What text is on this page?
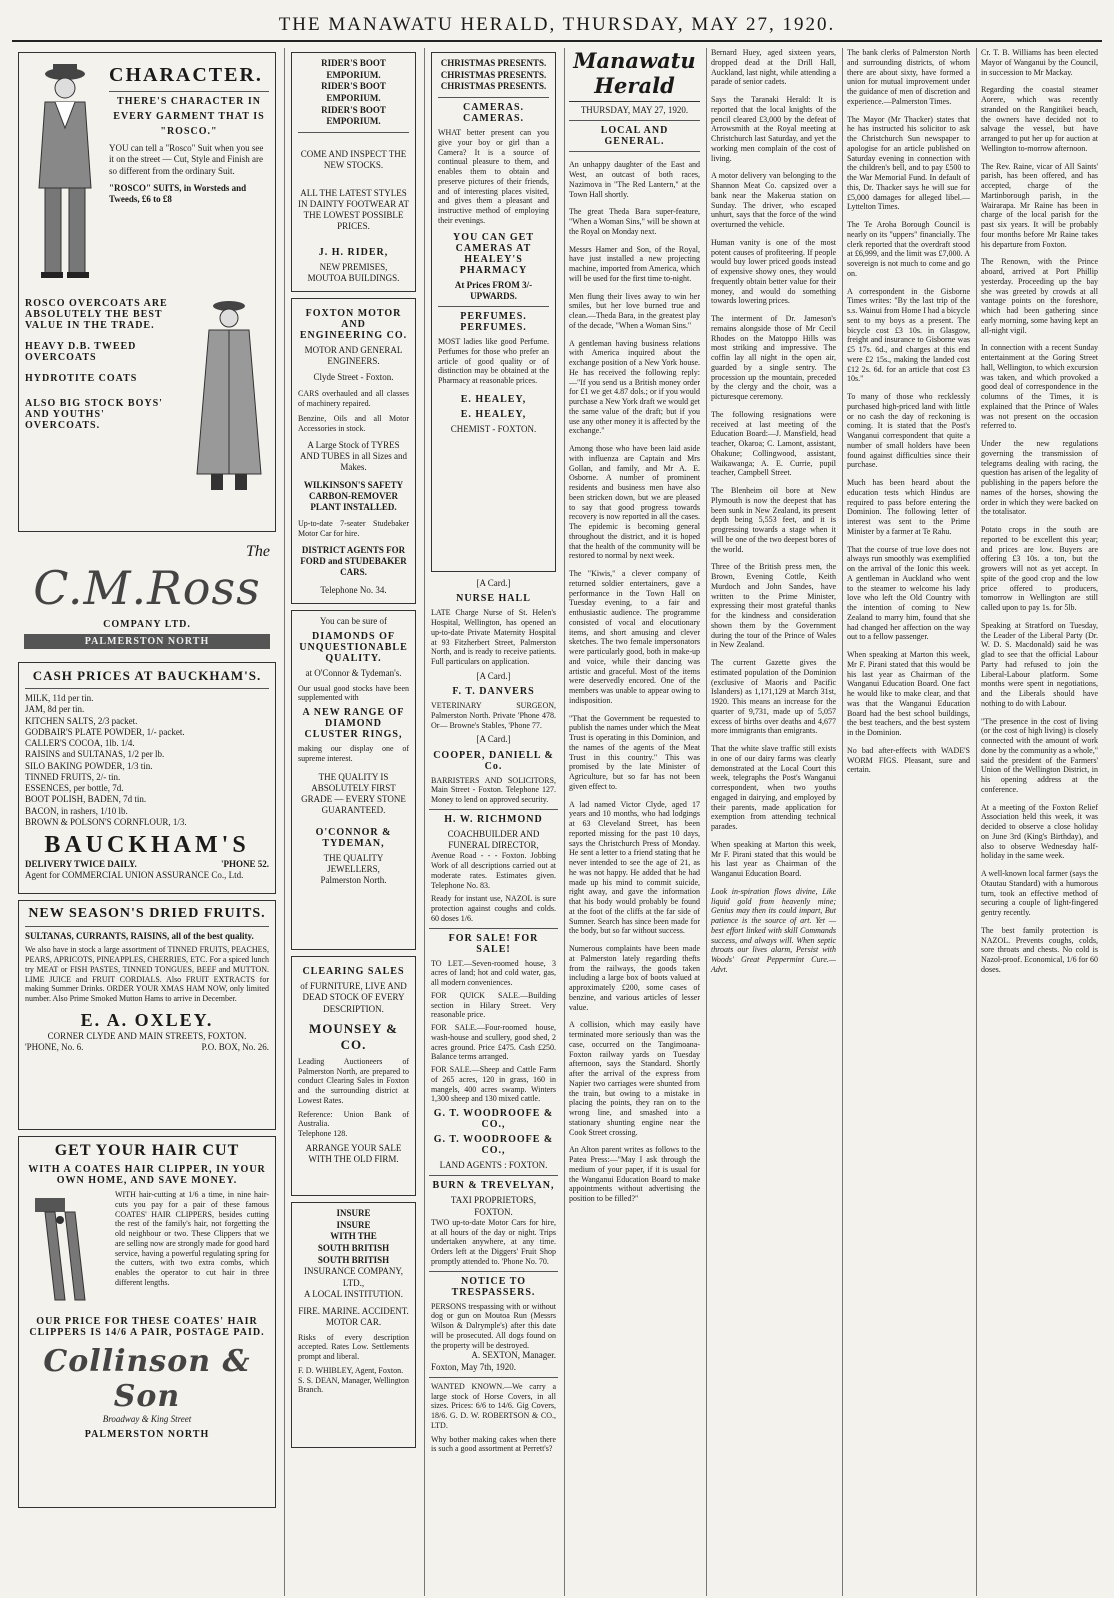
THE MANAWATU HERALD, THURSDAY, MAY 27, 1920.
CHARACTER.
THERE'S CHARACTER IN
EVERY GARMENT THAT IS
"ROSCO."
YOU can tell a "Rosco" Suit when you see it on the street — Cut, Style and Finish are so different from the ordinary Suit.
"ROSCO" SUITS, in Worsteds and Tweeds, £6 to £8
ROSCO OVERCOATS ARE ABSOLUTELY THE BEST VALUE IN THE TRADE.
HEAVY D.B. TWEED OVERCOATS
HYDROTITE COATS
ALSO BIG STOCK BOYS' AND YOUTHS' OVERCOATS.
The
C.M.Ross
COMPANY LTD.
PALMERSTON NORTH
CASH PRICES AT BAUCKHAM'S.
MILK, 11d per tin.
JAM, 8d per tin.
KITCHEN SALTS, 2/3 packet.
GODBAIR'S PLATE POWDER, 1/- packet.
CALLER'S COCOA, 1lb. 1/4.
RAISINS and SULTANAS, 1/2 per lb.
SILO BAKING POWDER, 1/3 tin.
TINNED FRUITS, 2/- tin.
ESSENCES, per bottle, 7d.
BOOT POLISH, BADEN, 7d tin.
BACON, in rashers, 1/10 lb.
BROWN & POLSON'S CORNFLOUR, 1/3.
BAUCKHAM'S
DELIVERY TWICE DAILY.	'PHONE 52.
Agent for COMMERCIAL UNION ASSURANCE Co., Ltd.
NEW SEASON'S DRIED FRUITS.
SULTANAS, CURRANTS, RAISINS, all of the best quality.
We also have in stock a large assortment of TINNED FRUITS, PEACHES, PEARS, APRICOTS, PINEAPPLES, CHERRIES, ETC. For a spiced lunch try MEAT or FISH PASTES, TINNED TONGUES, BEEF and MUTTON. LIME JUICE and FRUIT CORDIALS. Also FRUIT EXTRACTS for making Summer Drinks. ORDER YOUR XMAS HAM NOW, only limited number. Also Prime Smoked Mutton Hams to arrive in December.
E. A. OXLEY.
CORNER CLYDE AND MAIN STREETS, FOXTON.
'PHONE, No. 6.	P.O. BOX, No. 26.
GET YOUR HAIR CUT
WITH A COATES HAIR CLIPPER, IN YOUR OWN HOME, AND SAVE MONEY.
WITH hair-cutting at 1/6 a time, in nine hair-cuts you pay for a pair of these famous COATES' HAIR CLIPPERS, besides cutting the rest of the family's hair, not forgetting the old neighbour or two. These Clippers that we are selling now are strongly made for good hard service, having a powerful regulating spring for the cutters, with two extra combs, which enables the operator to cut hair in three different lengths.
OUR PRICE FOR THESE COATES' HAIR CLIPPERS IS 14/6 A PAIR, POSTAGE PAID.
Collinson & Son
Broadway & King Street
PALMERSTON NORTH
RIDER'S BOOT EMPORIUM.
RIDER'S BOOT EMPORIUM.
RIDER'S BOOT EMPORIUM.
COME AND INSPECT THE NEW STOCKS.
ALL THE LATEST STYLES IN DAINTY FOOTWEAR AT THE LOWEST POSSIBLE PRICES.
J. H. RIDER,
NEW PREMISES,
MOUTOA BUILDINGS.
FOXTON MOTOR AND ENGINEERING CO.
MOTOR AND GENERAL ENGINEERS.
Clyde Street - Foxton.
CARS overhauled and all classes of machinery repaired.
Benzine, Oils and all Motor Accessories in stock.
A Large Stock of TYRES AND TUBES in all Sizes and Makes.
WILKINSON'S SAFETY CARBON-REMOVER PLANT INSTALLED.
Up-to-date 7-seater Studebaker Motor Car for hire.
DISTRICT AGENTS FOR FORD and STUDEBAKER CARS.
Telephone No. 34.
You can be sure of
DIAMONDS OF UNQUESTIONABLE QUALITY.
at O'Connor & Tydeman's.
Our usual good stocks have been supplemented with
A NEW RANGE OF DIAMOND CLUSTER RINGS,
making our display one of supreme interest.
THE QUALITY IS ABSOLUTELY FIRST GRADE — EVERY STONE GUARANTEED.
O'CONNOR & TYDEMAN,
THE QUALITY JEWELLERS,
Palmerston North.
CLEARING SALES
of FURNITURE, LIVE AND DEAD STOCK OF EVERY DESCRIPTION.
MOUNSEY & CO.
Leading Auctioneers of Palmerston North, are prepared to conduct Clearing Sales in Foxton and the surrounding district at Lowest Rates.
Reference: Union Bank of Australia.
Telephone 128.
ARRANGE YOUR SALE WITH THE OLD FIRM.
INSURE
INSURE
WITH THE
SOUTH BRITISH
SOUTH BRITISH
INSURANCE COMPANY, LTD.,
A LOCAL INSTITUTION.
FIRE. MARINE. ACCIDENT. MOTOR CAR.
Risks of every description accepted. Rates Low. Settlements prompt and liberal.
F. D. WHIBLEY, Agent, Foxton.
S. S. DEAN, Manager, Wellington Branch.
CHRISTMAS PRESENTS.
CHRISTMAS PRESENTS.
CHRISTMAS PRESENTS.
CAMERAS. CAMERAS.
WHAT better present can you give your boy or girl than a Camera? It is a source of continual pleasure to them, and enables them to obtain and preserve pictures of their friends, and of interesting places visited, and gives them a pleasant and instructive method of employing their evenings.
YOU CAN GET CAMERAS AT HEALEY'S PHARMACY
At Prices FROM 3/- UPWARDS.
PERFUMES. PERFUMES.
MOST ladies like good Perfume. Perfumes for those who prefer an article of good quality or of distinction may be obtained at the Pharmacy at reasonable prices.
E. HEALEY,
E. HEALEY,
CHEMIST - FOXTON.
[A Card.]
NURSE HALL
LATE Charge Nurse of St. Helen's Hospital, Wellington, has opened an up-to-date Private Maternity Hospital at 93 Fitzherbert Street, Palmerston North, and is ready to receive patients. Full particulars on application.
[A Card.]
F. T. DANVERS
VETERINARY SURGEON, Palmerston North. Private 'Phone 478. Or— Browne's Stables, 'Phone 77.
[A Card.]
COOPER, DANIELL & Co.
BARRISTERS AND SOLICITORS, Main Street - Foxton. Telephone 127. Money to lend on approved security.
H. W. RICHMOND
COACHBUILDER AND FUNERAL DIRECTOR,
Avenue Road - - - Foxton. Jobbing Work of all descriptions carried out at moderate rates. Estimates given. Telephone No. 83.
Ready for instant use, NAZOL is sure protection against coughs and colds. 60 doses 1/6.
FOR SALE! FOR SALE!
TO LET.—Seven-roomed house, 3 acres of land; hot and cold water, gas, all modern conveniences.
FOR QUICK SALE.—Building section in Hilary Street. Very reasonable price.
FOR SALE.—Four-roomed house, wash-house and scullery, good shed, 2 acres ground. Price £475. Cash £250. Balance terms arranged.
FOR SALE.—Sheep and Cattle Farm of 265 acres, 120 in grass, 160 in mangels, 400 acres swamp. Winters 1,300 sheep and 130 mixed cattle.
G. T. WOODROOFE & CO.,
G. T. WOODROOFE & CO.,
LAND AGENTS : FOXTON.
BURN & TREVELYAN,
TAXI PROPRIETORS, FOXTON.
TWO up-to-date Motor Cars for hire, at all hours of the day or night. Trips undertaken anywhere, at any time. Orders left at the Diggers' Fruit Shop promptly attended to. 'Phone No. 70.
NOTICE TO TRESPASSERS.
PERSONS trespassing with or without dog or gun on Moutoa Run (Messrs Wilson & Dalrymple's) after this date will be prosecuted. All dogs found on the property will be destroyed.
A. SEXTON, Manager.
Foxton, May 7th, 1920.
WANTED KNOWN.—We carry a large stock of Horse Covers, in all sizes. Prices: 6/6 to 14/6. Gig Covers, 18/6. G. D. W. ROBERTSON & CO., LTD.
Why bother making cakes when there is such a good assortment at Perrett's?
Manawatu Herald
THURSDAY, MAY 27, 1920.
LOCAL AND GENERAL.

An unhappy daughter of the East and West, an outcast of both races, Nazimova in "The Red Lantern," at the Town Hall shortly.

The great Theda Bara super-feature, "When a Woman Sins," will be shown at the Royal on Monday next.

Messrs Hamer and Son, of the Royal, have just installed a new projecting machine, imported from America, which will be used for the first time to-night.

Men flung their lives away to win her smiles, but her love burned true and clean.—Theda Bara, in the greatest play of the decade, "When a Woman Sins."

A gentleman having business relations with America inquired about the exchange position of a New York house. He has received the following reply:—"If you send us a British money order for £1 we get 4.87 dols.; or if you would purchase a New York draft we would get the same value of the draft; but if you use any other money it is affected by the exchange."

Among those who have been laid aside with influenza are Captain and Mrs Gollan, and family, and Mr A. E. Osborne. A number of prominent residents and business men have also been stricken down, but we are pleased to say that good progress towards recovery is now reported in all the cases. The epidemic is becoming general throughout the district, and it is hoped that the health of the community will be restored to normal by next week.

The "Kiwis," a clever company of returned soldier entertainers, gave a performance in the Town Hall on Tuesday evening, to a fair and enthusiastic audience. The programme consisted of vocal and elocutionary items, and short amusing and clever sketches. The two female impersonators were particularly good, both in make-up and voice, while their dancing was artistic and graceful. Most of the items were deservedly encored. One of the members was unable to appear owing to indisposition.

"That the Government be requested to publish the names under which the Meat Trust is operating in this Dominion, and the names of the agents of the Meat Trust in this country." This was promised by the late Minister of Agriculture, but so far has not been given effect to.

A lad named Victor Clyde, aged 17 years and 10 months, who had lodgings at 63 Cleveland Street, has been reported missing for the past 10 days, says the Christchurch Press of Monday. He sent a letter to a friend stating that he never intended to see the age of 21, as he was not happy. He added that he had made up his mind to commit suicide, right away, and gave the information that his body would probably be found at the foot of the cliffs at the far side of Sumner. Search has since been made for the body, but so far without success.

Numerous complaints have been made at Palmerston lately regarding thefts from the railways, the goods taken including a large box of boots valued at approximately £200, some cases of benzine, and various articles of lesser value.

A collision, which may easily have terminated more seriously than was the case, occurred on the Tangimoana-Foxton railway yards on Tuesday afternoon, says the Standard. Shortly after the arrival of the express from Napier two carriages were shunted from the train, but owing to a mistake in placing the points, they ran on to the wrong line, and smashed into a stationary shunting engine near the Cook Street crossing.

An Alton parent writes as follows to the Patea Press:—"May I ask through the medium of your paper, if it is usual for the Wanganui Education Board to make appointments without advertising the position to be filled?"

Bernard Huey, aged sixteen years, dropped dead at the Drill Hall, Auckland, last night, while attending a parade of senior cadets.

Says the Taranaki Herald: It is reported that the local knights of the pencil cleared £3,000 by the defeat of Arrowsmith at the Royal meeting at Christchurch last Saturday, and yet the working men complain of the cost of living.

A motor delivery van belonging to the Shannon Meat Co. capsized over a bank near the Makerua station on Sunday. The driver, who escaped unhurt, says that the force of the wind overturned the vehicle.

Human vanity is one of the most potent causes of profiteering. If people would buy lower priced goods instead of expensive showy ones, they would frequently obtain better value for their money, and would do something towards lowering prices.

The interment of Dr. Jameson's remains alongside those of Mr Cecil Rhodes on the Matoppo Hills was most striking and impressive. The coffin lay all night in the open air, guarded by a single sentry. The procession up the mountain, preceded by the clergy and the choir, was a picturesque ceremony.

The following resignations were received at last meeting of the Education Board:—J. Mansfield, head teacher, Okaroa; C. Lamont, assistant, Ohakune; Collingwood, assistant, Waikawanga; A. E. Currie, pupil teacher, Campbell Street.

The Blenheim oil bore at New Plymouth is now the deepest that has been sunk in New Zealand, its present depth being 5,553 feet, and it is progressing towards a stage when it will be one of the two deepest bores of the world.

Three of the British press men, the Brown, Evening Cottle, Keith Murdoch and John Sandes, have written to the Prime Minister, expressing their most grateful thanks for the kindness and consideration shown them by the Government during the tour of the Prince of Wales in New Zealand.

The current Gazette gives the estimated population of the Dominion (exclusive of Maoris and Pacific Islanders) as 1,171,129 at March 31st, 1920. This means an increase for the quarter of 9,731, made up of 5,057 excess of births over deaths and 4,677 more immigrants than emigrants.

That the white slave traffic still exists in one of our dairy farms was clearly demonstrated at the Local Court this week, telegraphs the Post's Wanganui correspondent, when two youths engaged in dairying, and employed by their parents, made application for exemption from attending technical parades.

When speaking at Marton this week, Mr F. Pirani stated that this would be his last year as Chairman of the Wanganui Education Board.

Look in-spiration flows divine, Like liquid gold from heavenly mine; Genius may then its could impart, But patience is the source of art. Yet — best effort linked with skill Commands success, and always will. When septic throats our lives alarm, Persist with Woods' Great Peppermint Cure.—Advt.

The bank clerks of Palmerston North and surrounding districts, of whom there are about sixty, have formed a union for mutual improvement under the guidance of men of discretion and experience.—Palmerston Times.

The Mayor (Mr Thacker) states that he has instructed his solicitor to ask the Christchurch Sun newspaper to apologise for an article published on Saturday evening in connection with the children's bell, and to pay £500 to the War Memorial Fund. In default of this, Dr. Thacker says he will sue for £5,000 damages for alleged libel.—Lyttelton Times.

The Te Aroha Borough Council is nearly on its "uppers" financially. The clerk reported that the overdraft stood at £6,999, and the limit was £7,000. A sovereign is not much to come and go on.

A correspondent in the Gisborne Times writes: "By the last trip of the s.s. Wainui from Home I had a bicycle sent to my boys as a present. The bicycle cost £3 10s. in Glasgow, freight and insurance to Gisborne was £5 17s. 6d., and charges at this end were £2 15s., making the landed cost £12 2s. 6d. for an article that cost £3 10s."

To many of those who recklessly purchased high-priced land with little or no cash the day of reckoning is coming. It is stated that the Post's Wanganui correspondent that quite a number of small holders have been found against difficulties since their purchase.

Much has been heard about the education tests which Hindus are required to pass before entering the Dominion. The following letter of interest was sent to the Prime Minister by a farmer at Te Rahu.

That the course of true love does not always run smoothly was exemplified on the arrival of the Ionic this week. A gentleman in Auckland who went to the steamer to welcome his lady love who left the Old Country with the intention of coming to New Zealand to marry him, found that she had changed her affection on the way out to a fellow passenger.

When speaking at Marton this week, Mr F. Pirani stated that this would be his last year as Chairman of the Wanganui Education Board. One fact he would like to make clear, and that was that the Wanganui Education Board had the best school buildings, the best teachers, and the best system in the Dominion.

No bad after-effects with WADE'S WORM FIGS. Pleasant, sure and certain.

Cr. T. B. Williams has been elected Mayor of Wanganui by the Council, in succession to Mr Mackay.

Regarding the coastal steamer Aorere, which was recently stranded on the Rangitikei beach, the owners have decided not to salvage the vessel, but have arranged to put her up for auction at Wellington to-morrow afternoon.

The Rev. Raine, vicar of All Saints' parish, has been offered, and has accepted, charge of the Martinborough parish, in the Wairarapa. Mr Raine has been in charge of the local parish for the past six years. It will be probably four months before Mr Raine takes his departure from Foxton.

The Renown, with the Prince aboard, arrived at Port Phillip yesterday. Proceeding up the bay she was greeted by crowds at all vantage points on the foreshore, which had been gathering since early morning, some having kept an all-night vigil.

In connection with a recent Sunday entertainment at the Goring Street hall, Wellington, to which excursion was taken, and which provoked a good deal of correspondence in the columns of the Times, it is explained that the Prince of Wales was not present on the occasion referred to.

Under the new regulations governing the transmission of telegrams dealing with racing, the question has arisen of the legality of publishing in the papers before the names of the horses, showing the order in which they were backed on the totalisator.

Potato crops in the south are reported to be excellent this year; and prices are low. Buyers are offering £3 10s. a ton, but the growers will not as yet accept. In spite of the good crop and the low price offered to producers, tomorrow in Wellington are still called upon to pay 1s. for 5lb.

Speaking at Stratford on Tuesday, the Leader of the Liberal Party (Dr. W. D. S. Macdonald) said he was glad to see that the official Labour Party had refused to join the Liberal-Labour platform. Some months were spent in negotiations, and the Liberals should have nothing to do with Labour.

"The presence in the cost of living (or the cost of high living) is closely connected with the amount of work done by the community as a whole," said the president of the Farmers' Union of the Wellington District, in his opening address at the conference.

At a meeting of the Foxton Relief Association held this week, it was decided to observe a close holiday on June 3rd (King's Birthday), and also to observe Wednesday half-holiday in the same week.

A well-known local farmer (says the Otautau Standard) with a humorous turn, took an effective method of securing a couple of light-fingered gentry recently.

The best family protection is NAZOL. Prevents coughs, colds, sore throats and chests. No cold is Nazol-proof. Economical, 1/6 for 60 doses.
